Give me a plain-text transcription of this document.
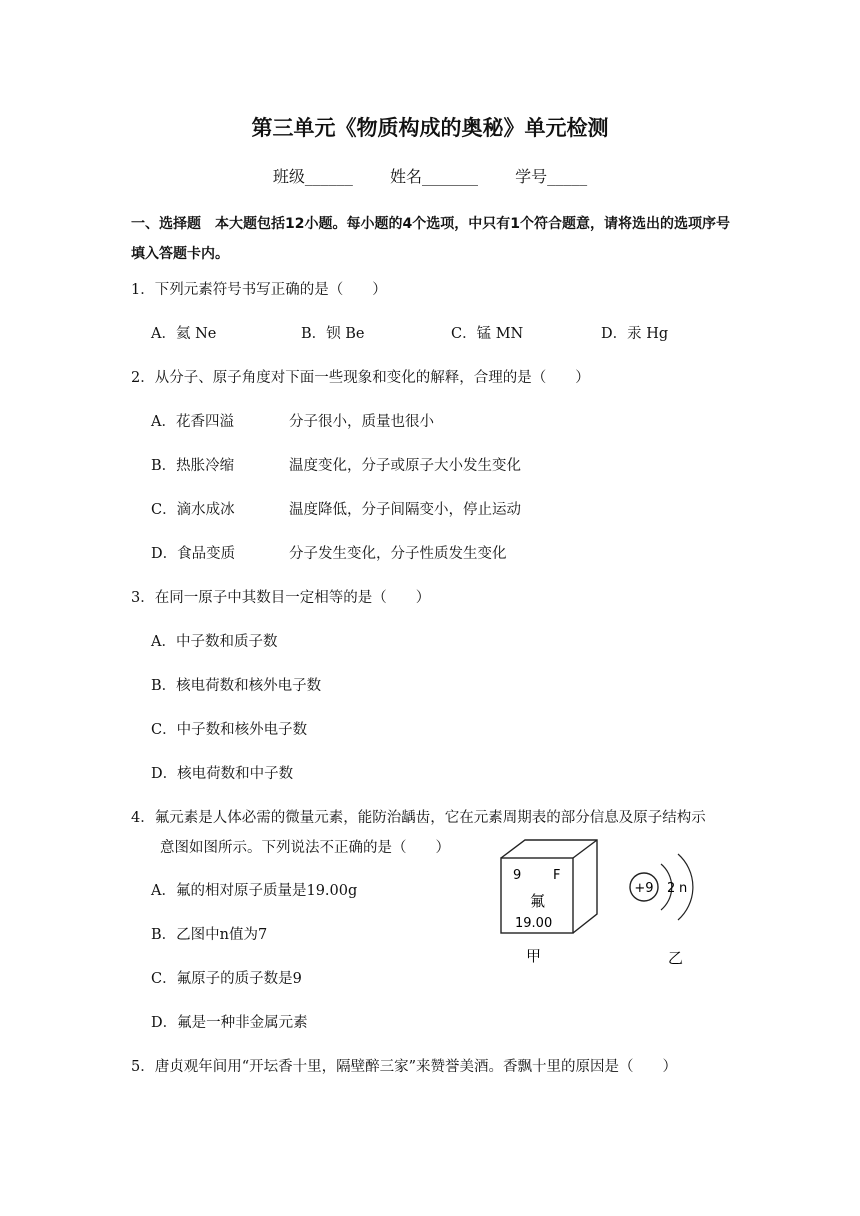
第三单元《物质构成的奥秘》单元检测
班级______ 姓名_______ 学号_____
一、选择题　本大题包括12小题。每小题的4个选项，中只有1个符合题意，请将选出的选项序号填入答题卡内。
1．下列元素符号书写正确的是（　　）
A．氦 Ne	B．钡 Be	C．锰 MN	D．汞 Hg
2．从分子、原子角度对下面一些现象和变化的解释，合理的是（　　）
A．花香四溢	分子很小，质量也很小
B．热胀冷缩	温度变化，分子或原子大小发生变化
C．滴水成冰	温度降低，分子间隔变小，停止运动
D．食品变质	分子发生变化，分子性质发生变化
3．在同一原子中其数目一定相等的是（　　）
A．中子数和质子数
B．核电荷数和核外电子数
C．中子数和核外电子数
D．核电荷数和中子数
4．氟元素是人体必需的微量元素，能防治龋齿，它在元素周期表的部分信息及原子结构示
意图如图所示。下列说法不正确的是（　　）
A．氟的相对原子质量是19.00g
B．乙图中n值为7
C．氟原子的质子数是9
D．氟是一种非金属元素
9 F
氟
19.00
+9 2 n
甲	乙
5．唐贞观年间用“开坛香十里，隔壁醉三家”来赞誉美酒。香飘十里的原因是（　　）
